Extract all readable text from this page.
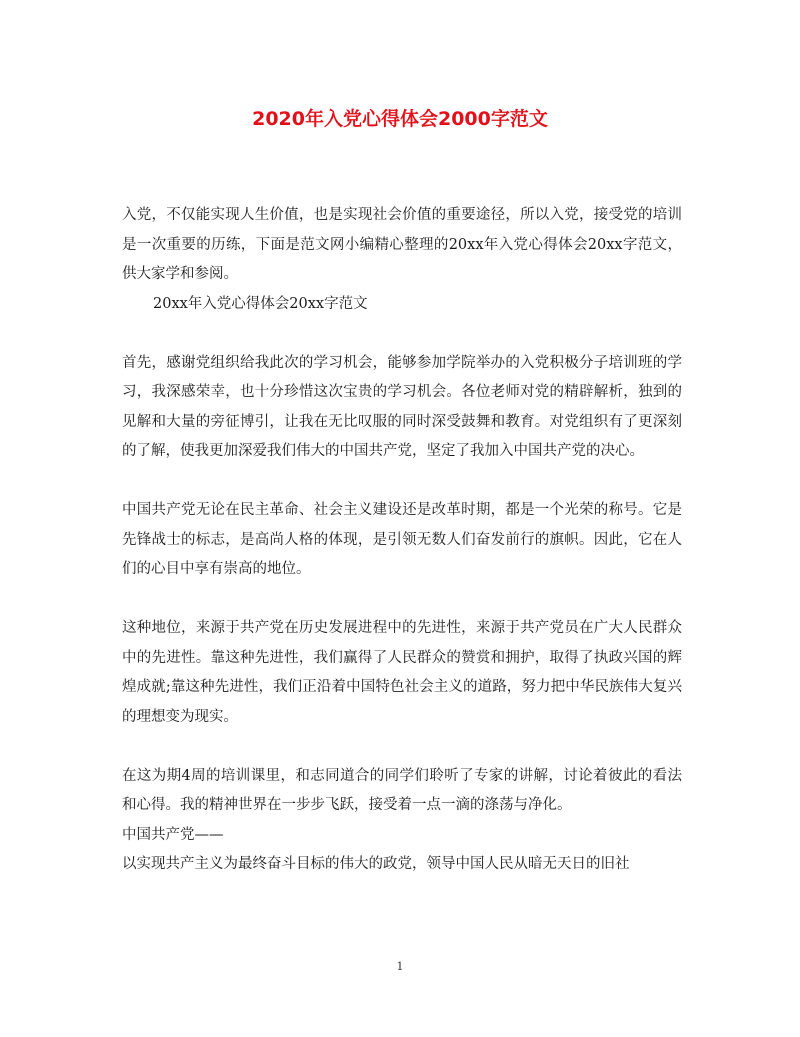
2020年入党心得体会2000字范文

入党，不仅能实现人生价值，也是实现社会价值的重要途径，所以入党，接受党的培训是一次重要的历练，下面是范文网小编精心整理的20xx年入党心得体会20xx字范文，供大家学和参阅。

20xx年入党心得体会20xx字范文

首先，感谢党组织给我此次的学习机会，能够参加学院举办的入党积极分子培训班的学习，我深感荣幸，也十分珍惜这次宝贵的学习机会。各位老师对党的精辟解析，独到的见解和大量的旁征博引，让我在无比叹服的同时深受鼓舞和教育。对党组织有了更深刻的了解，使我更加深爱我们伟大的中国共产党，坚定了我加入中国共产党的决心。

中国共产党无论在民主革命、社会主义建设还是改革时期，都是一个光荣的称号。它是先锋战士的标志，是高尚人格的体现，是引领无数人们奋发前行的旗帜。因此，它在人们的心目中享有崇高的地位。

这种地位，来源于共产党在历史发展进程中的先进性，来源于共产党员在广大人民群众中的先进性。靠这种先进性，我们赢得了人民群众的赞赏和拥护，取得了执政兴国的辉煌成就;靠这种先进性，我们正沿着中国特色社会主义的道路，努力把中华民族伟大复兴的理想变为现实。

在这为期4周的培训课里，和志同道合的同学们聆听了专家的讲解，讨论着彼此的看法和心得。我的精神世界在一步步飞跃，接受着一点一滴的涤荡与净化。

中国共产党——

以实现共产主义为最终奋斗目标的伟大的政党，领导中国人民从暗无天日的旧社

1
